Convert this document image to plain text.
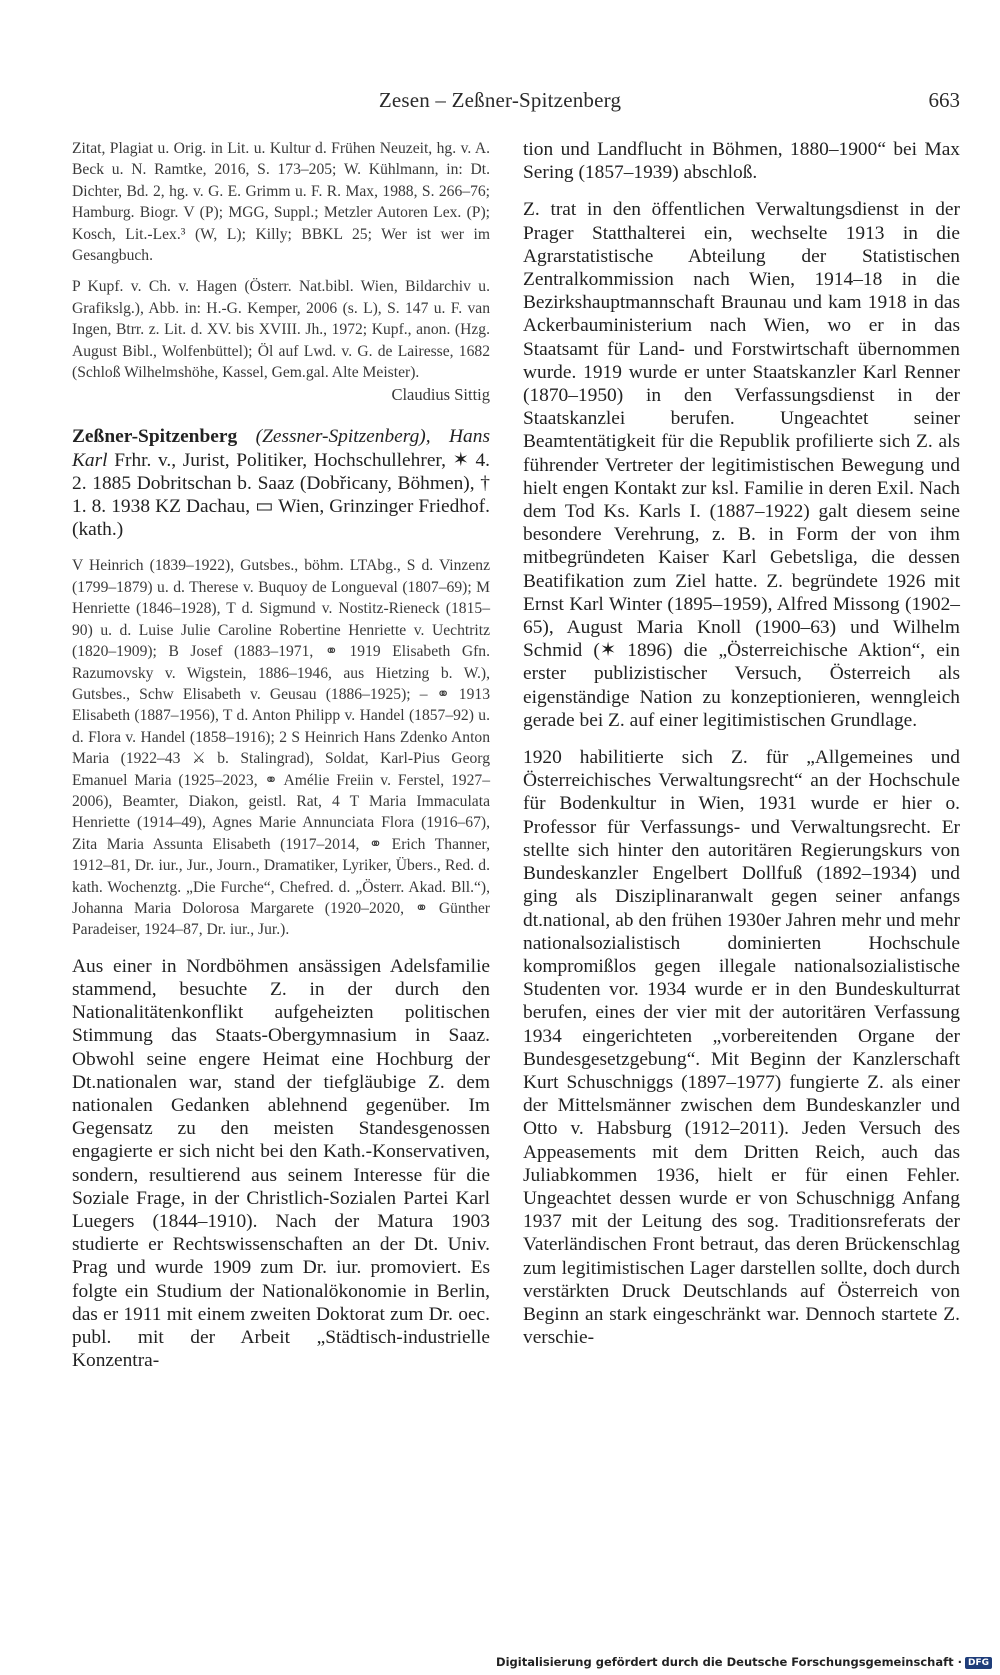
Zesen – Zeßner-Spitzenberg	663

Zitat, Plagiat u. Orig. in Lit. u. Kultur d. Frühen Neuzeit, hg. v. A. Beck u. N. Ramtke, 2016, S. 173–205; W. Kühlmann, in: Dt. Dichter, Bd. 2, hg. v. G. E. Grimm u. F. R. Max, 1988, S. 266–76; Hamburg. Biogr. V (P); MGG, Suppl.; Metzler Autoren Lex. (P); Kosch, Lit.-Lex.³ (W, L); Killy; BBKL 25; Wer ist wer im Gesangbuch.

P Kupf. v. Ch. v. Hagen (Österr. Nat.bibl. Wien, Bildarchiv u. Grafikslg.), Abb. in: H.-G. Kemper, 2006 (s. L), S. 147 u. F. van Ingen, Btrr. z. Lit. d. XV. bis XVIII. Jh., 1972; Kupf., anon. (Hzg. August Bibl., Wolfenbüttel); Öl auf Lwd. v. G. de Lairesse, 1682 (Schloß Wilhelmshöhe, Kassel, Gem.gal. Alte Meister).

Claudius Sittig

Zeßner-Spitzenberg (Zessner-Spitzenberg), Hans Karl Frhr. v., Jurist, Politiker, Hochschullehrer, ✶ 4. 2. 1885 Dobritschan b. Saaz (Dobřicany, Böhmen), † 1. 8. 1938 KZ Dachau, ▭ Wien, Grinzinger Friedhof. (kath.)

V Heinrich (1839–1922), Gutsbes., böhm. LTAbg., S d. Vinzenz (1799–1879) u. d. Therese v. Buquoy de Longueval (1807–69); M Henriette (1846–1928), T d. Sigmund v. Nostitz-Rieneck (1815–90) u. d. Luise Julie Caroline Robertine Henriette v. Uechtritz (1820–1909); B Josef (1883–1971, ⚭ 1919 Elisabeth Gfn. Razumovsky v. Wigstein, 1886–1946, aus Hietzing b. W.), Gutsbes., Schw Elisabeth v. Geusau (1886–1925); – ⚭ 1913 Elisabeth (1887–1956), T d. Anton Philipp v. Handel (1857–92) u. d. Flora v. Handel (1858–1916); 2 S Heinrich Hans Zdenko Anton Maria (1922–43 ⚔ b. Stalingrad), Soldat, Karl-Pius Georg Emanuel Maria (1925–2023, ⚭ Amélie Freiin v. Ferstel, 1927–2006), Beamter, Diakon, geistl. Rat, 4 T Maria Immaculata Henriette (1914–49), Agnes Marie Annunciata Flora (1916–67), Zita Maria Assunta Elisabeth (1917–2014, ⚭ Erich Thanner, 1912–81, Dr. iur., Jur., Journ., Dramatiker, Lyriker, Übers., Red. d. kath. Wochenztg. „Die Furche“, Chefred. d. „Österr. Akad. Bll.“), Johanna Maria Dolorosa Margarete (1920–2020, ⚭ Günther Paradeiser, 1924–87, Dr. iur., Jur.).

Aus einer in Nordböhmen ansässigen Adelsfamilie stammend, besuchte Z. in der durch den Nationalitätenkonflikt aufgeheizten politischen Stimmung das Staats-Obergymnasium in Saaz. Obwohl seine engere Heimat eine Hochburg der Dt.nationalen war, stand der tiefgläubige Z. dem nationalen Gedanken ablehnend gegenüber. Im Gegensatz zu den meisten Standesgenossen engagierte er sich nicht bei den Kath.-Konservativen, sondern, resultierend aus seinem Interesse für die Soziale Frage, in der Christlich-Sozialen Partei Karl Luegers (1844–1910). Nach der Matura 1903 studierte er Rechtswissenschaften an der Dt. Univ. Prag und wurde 1909 zum Dr. iur. promoviert. Es folgte ein Studium der Nationalökonomie in Berlin, das er 1911 mit einem zweiten Doktorat zum Dr. oec. publ. mit der Arbeit „Städtisch-industrielle Konzentra-

tion und Landflucht in Böhmen, 1880–1900“ bei Max Sering (1857–1939) abschloß.

Z. trat in den öffentlichen Verwaltungsdienst in der Prager Statthalterei ein, wechselte 1913 in die Agrarstatistische Abteilung der Statistischen Zentralkommission nach Wien, 1914–18 in die Bezirkshauptmannschaft Braunau und kam 1918 in das Ackerbauministerium nach Wien, wo er in das Staatsamt für Land- und Forstwirtschaft übernommen wurde. 1919 wurde er unter Staatskanzler Karl Renner (1870–1950) in den Verfassungsdienst in der Staatskanzlei berufen. Ungeachtet seiner Beamtentätigkeit für die Republik profilierte sich Z. als führender Vertreter der legitimistischen Bewegung und hielt engen Kontakt zur ksl. Familie in deren Exil. Nach dem Tod Ks. Karls I. (1887–1922) galt diesem seine besondere Verehrung, z. B. in Form der von ihm mitbegründeten Kaiser Karl Gebetsliga, die dessen Beatifikation zum Ziel hatte. Z. begründete 1926 mit Ernst Karl Winter (1895–1959), Alfred Missong (1902–65), August Maria Knoll (1900–63) und Wilhelm Schmid (✶ 1896) die „Österreichische Aktion“, ein erster publizistischer Versuch, Österreich als eigenständige Nation zu konzeptionieren, wenngleich gerade bei Z. auf einer legitimistischen Grundlage.

1920 habilitierte sich Z. für „Allgemeines und Österreichisches Verwaltungsrecht“ an der Hochschule für Bodenkultur in Wien, 1931 wurde er hier o. Professor für Verfassungs- und Verwaltungsrecht. Er stellte sich hinter den autoritären Regierungskurs von Bundeskanzler Engelbert Dollfuß (1892–1934) und ging als Disziplinaranwalt gegen seiner anfangs dt.national, ab den frühen 1930er Jahren mehr und mehr nationalsozialistisch dominierten Hochschule kompromißlos gegen illegale nationalsozialistische Studenten vor. 1934 wurde er in den Bundeskulturrat berufen, eines der vier mit der autoritären Verfassung 1934 eingerichteten „vorbereitenden Organe der Bundesgesetzgebung“. Mit Beginn der Kanzlerschaft Kurt Schuschniggs (1897–1977) fungierte Z. als einer der Mittelsmänner zwischen dem Bundeskanzler und Otto v. Habsburg (1912–2011). Jeden Versuch des Appeasements mit dem Dritten Reich, auch das Juliabkommen 1936, hielt er für einen Fehler. Ungeachtet dessen wurde er von Schuschnigg Anfang 1937 mit der Leitung des sog. Traditionsreferats der Vaterländischen Front betraut, das deren Brückenschlag zum legitimistischen Lager darstellen sollte, doch durch verstärkten Druck Deutschlands auf Österreich von Beginn an stark eingeschränkt war. Dennoch startete Z. verschie-

Digitalisierung gefördert durch die Deutsche Forschungsgemeinschaft · DFG
